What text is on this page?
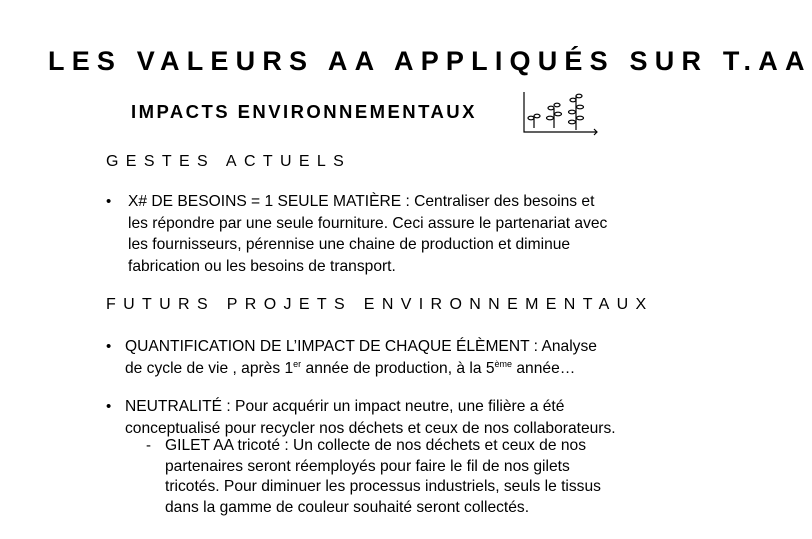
LES VALEURS AA APPLIQUÉS SUR T.AA
IMPACTS ENVIRONNEMENTAUX
GESTES ACTUELS
• X# DE BESOINS = 1 SEULE MATIÈRE : Centraliser des besoins et
les répondre par une seule fourniture. Ceci assure le partenariat avec
les fournisseurs, pérennise une chaine de production et diminue
fabrication ou les besoins de transport.
FUTURS PROJETS ENVIRONNEMENTAUX
• QUANTIFICATION DE L’IMPACT DE CHAQUE ÉLÈMENT : Analyse
de cycle de vie , après 1er année de production, à la 5ème année…
• NEUTRALITÉ : Pour acquérir un impact neutre, une filière a été
conceptualisé pour recycler nos déchets et ceux de nos collaborateurs.
- GILET AA tricoté : Un collecte de nos déchets et ceux de nos
partenaires seront réemployés pour faire le fil de nos gilets
tricotés. Pour diminuer les processus industriels, seuls le tissus
dans la gamme de couleur souhaité seront collectés.
